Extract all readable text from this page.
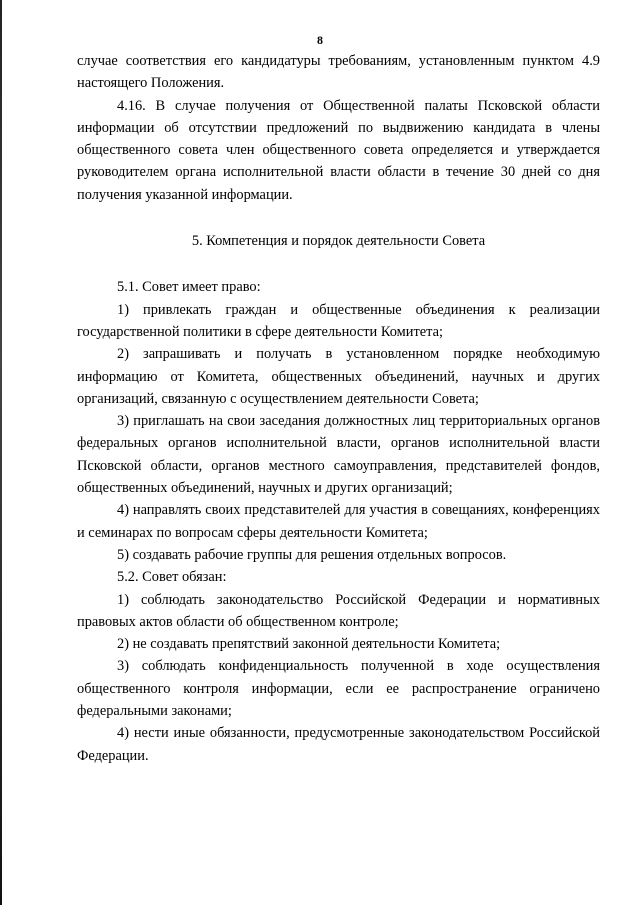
8

случае соответствия его кандидатуры требованиям, установленным пунктом 4.9 настоящего Положения.

4.16. В случае получения от Общественной палаты Псковской области информации об отсутствии предложений по выдвижению кандидата в члены общественного совета член общественного совета определяется и утверждается руководителем органа исполнительной власти области в течение 30 дней со дня получения указанной информации.

5. Компетенция и порядок деятельности Совета

5.1. Совет имеет право:

1) привлекать граждан и общественные объединения к реализации государственной политики в сфере деятельности Комитета;

2) запрашивать и получать в установленном порядке необходимую информацию от Комитета, общественных объединений, научных и других организаций, связанную с осуществлением деятельности Совета;

3) приглашать на свои заседания должностных лиц территориальных органов федеральных органов исполнительной власти, органов исполнительной власти Псковской области, органов местного самоуправления, представителей фондов, общественных объединений, научных и других организаций;

4) направлять своих представителей для участия в совещаниях, конференциях и семинарах по вопросам сферы деятельности Комитета;

5) создавать рабочие группы для решения отдельных вопросов.

5.2. Совет обязан:

1) соблюдать законодательство Российской Федерации и нормативных правовых актов области об общественном контроле;

2) не создавать препятствий законной деятельности Комитета;

3) соблюдать конфиденциальность полученной в ходе осуществления общественного контроля информации, если ее распространение ограничено федеральными законами;

4) нести иные обязанности, предусмотренные законодательством Российской Федерации.
